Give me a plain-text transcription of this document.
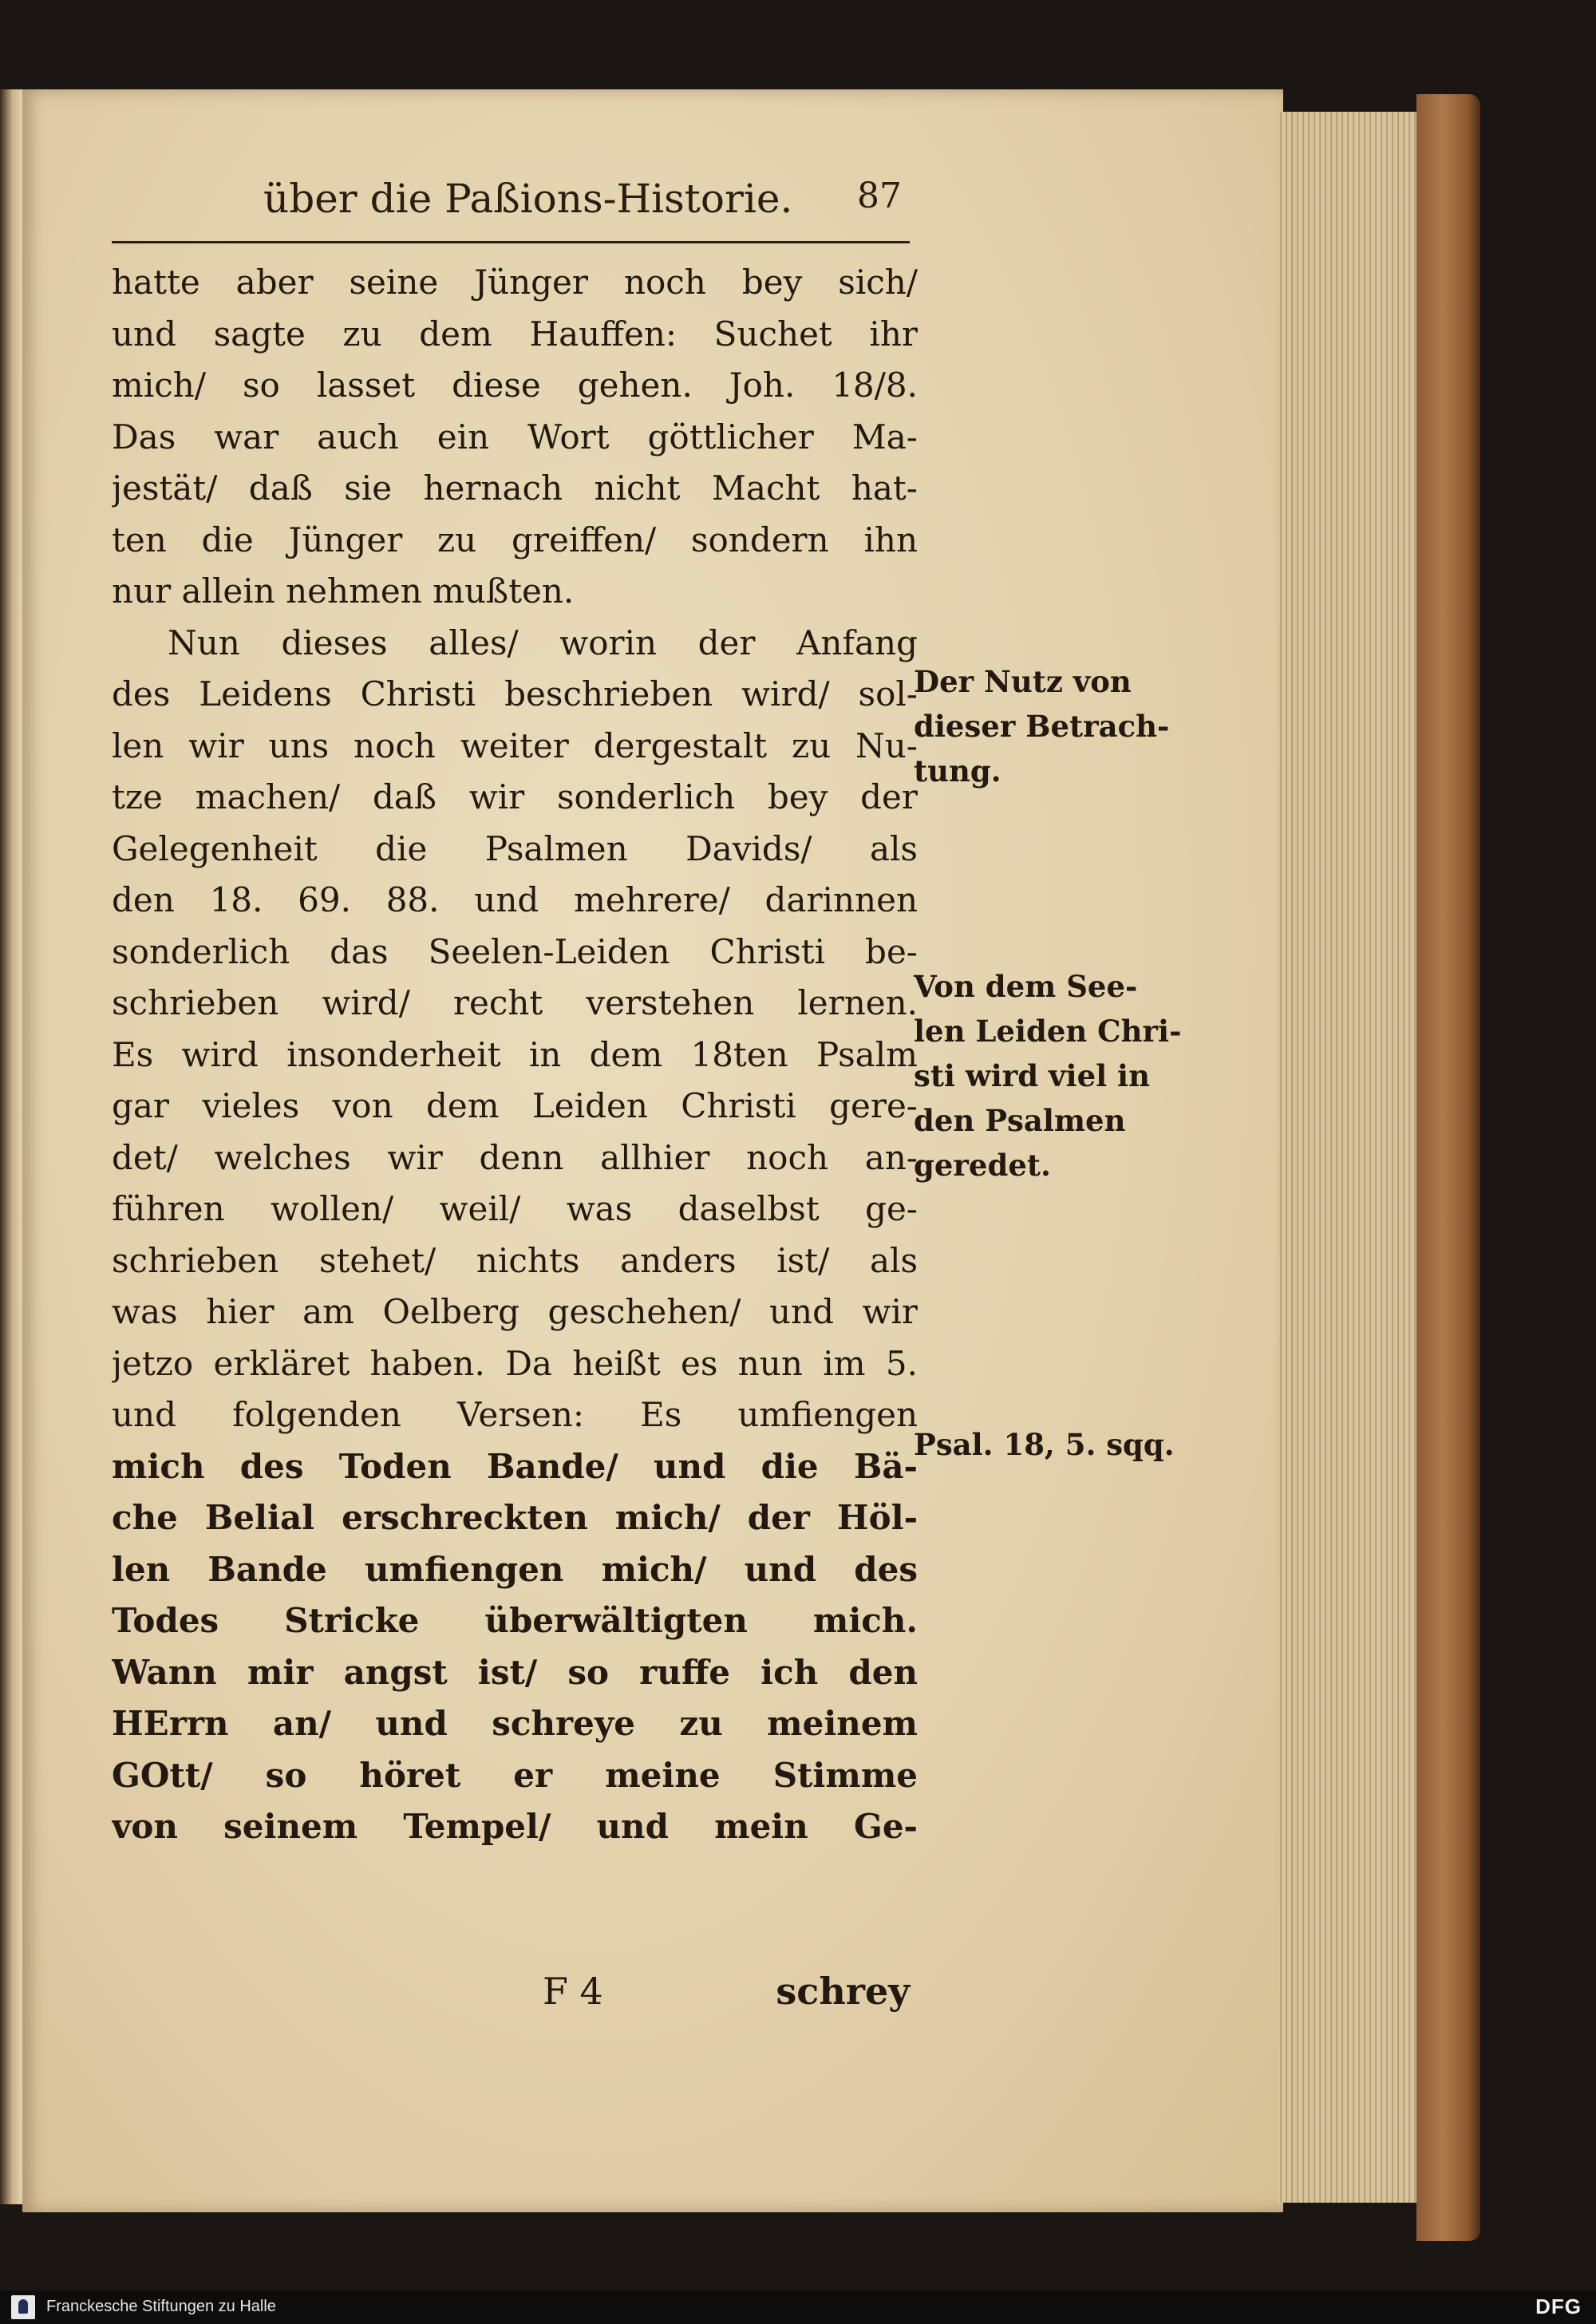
über die Paßions-Historie. 87
hatte aber seine Jünger noch bey sich/
und sagte zu dem Hauffen: Suchet ihr
mich/ so lasset diese gehen. Joh. 18/8.
Das war auch ein Wort göttlicher Ma-
jestät/ daß sie hernach nicht Macht hat-
ten die Jünger zu greiffen/ sondern ihn
nur allein nehmen mußten.
Nun dieses alles/ worin der Anfang
des Leidens Christi beschrieben wird/ sol-
len wir uns noch weiter dergestalt zu Nu-
tze machen/ daß wir sonderlich bey der
Gelegenheit die Psalmen Davids/ als
den 18. 69. 88. und mehrere/ darinnen
sonderlich das Seelen-Leiden Christi be-
schrieben wird/ recht verstehen lernen.
Es wird insonderheit in dem 18ten Psalm
gar vieles von dem Leiden Christi gere-
det/ welches wir denn allhier noch an-
führen wollen/ weil/ was daselbst ge-
schrieben stehet/ nichts anders ist/ als
was hier am Oelberg geschehen/ und wir
jetzo erkläret haben. Da heißt es nun im 5.
und folgenden Versen: Es umfiengen
mich des Toden Bande/ und die Bä-
che Belial erschreckten mich/ der Höl-
len Bande umfiengen mich/ und des
Todes Stricke überwältigten mich.
Wann mir angst ist/ so ruffe ich den
HErrn an/ und schreye zu meinem
GOtt/ so höret er meine Stimme
von seinem Tempel/ und mein Ge-
F 4	schrey
Der Nutz von
dieser Betrach-
tung.
Von dem See-
len Leiden Chri-
sti wird viel in
den Psalmen
geredet.
Psal. 18, 5. sqq.
Franckesche Stiftungen zu Halle	DFG
